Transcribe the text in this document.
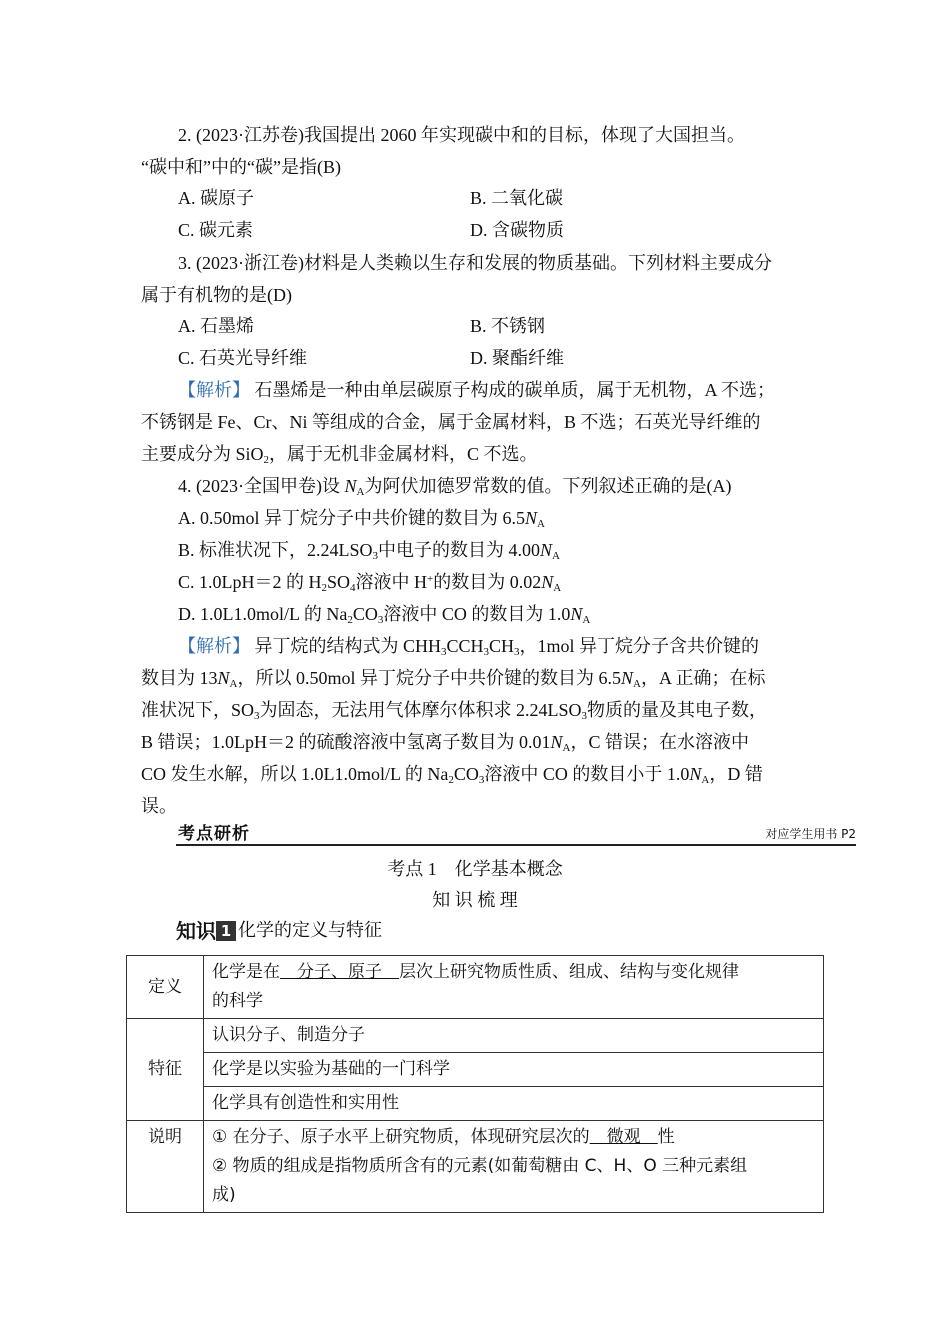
2. (2023·江苏卷)我国提出 2060 年实现碳中和的目标，体现了大国担当。
“碳中和”中的“碳”是指(B)
A. 碳原子	B. 二氧化碳
C. 碳元素	D. 含碳物质
3. (2023·浙江卷)材料是人类赖以生存和发展的物质基础。下列材料主要成分
属于有机物的是(D)
A. 石墨烯	B. 不锈钢
C. 石英光导纤维	D. 聚酯纤维
【解析】 石墨烯是一种由单层碳原子构成的碳单质，属于无机物，A 不选；
不锈钢是 Fe、Cr、Ni 等组成的合金，属于金属材料，B 不选；石英光导纤维的
主要成分为 SiO$_2$，属于无机非金属材料，C 不选。
4. (2023·全国甲卷)设 $N_A$为阿伏加德罗常数的值。下列叙述正确的是(A)
A. 0.50mol 异丁烷分子中共价键的数目为 $6.5N_A$
B. 标准状况下，$2.24LSO_3$中电子的数目为 $4.00N_A$
C. 1.0LpH＝2 的 $H_2SO_4$溶液中 H+的数目为 $0.02N_A$
D. 1.0L1.0mol/L 的 $Na_2CO_3$溶液中 CO 的数目为 $1.0N_A$
【解析】 异丁烷的结构式为 $CHH_3CCH_3CH_3$，1mol 异丁烷分子含共价键的
数目为 $13N_A$，所以 0.50mol 异丁烷分子中共价键的数目为 $6.5N_A$，A 正确；在标
准状况下，$SO_3$为固态，无法用气体摩尔体积求 $2.24LSO_3$物质的量及其电子数，
B 错误；1.0LpH＝2 的硫酸溶液中氢离子数目为 $0.01N_A$，C 错误；在水溶液中
CO 发生水解，所以 1.0L1.0mol/L 的 $Na_2CO_3$溶液中 CO 的数目小于 $1.0N_A$，D 错
误。
考点研析	对应学生用书 P2
考点 1　化学基本概念
知 识 梳 理
知识 1 化学的定义与特征
定义	化学是在　分子、原子　层次上研究物质性质、组成、结构与变化规律
的科学
特征	认识分子、制造分子
	化学是以实验为基础的一门科学
	化学具有创造性和实用性
说明	① 在分子、原子水平上研究物质，体现研究层次的　微观　性
② 物质的组成是指物质所含有的元素(如葡萄糖由 C、H、O 三种元素组
成)
